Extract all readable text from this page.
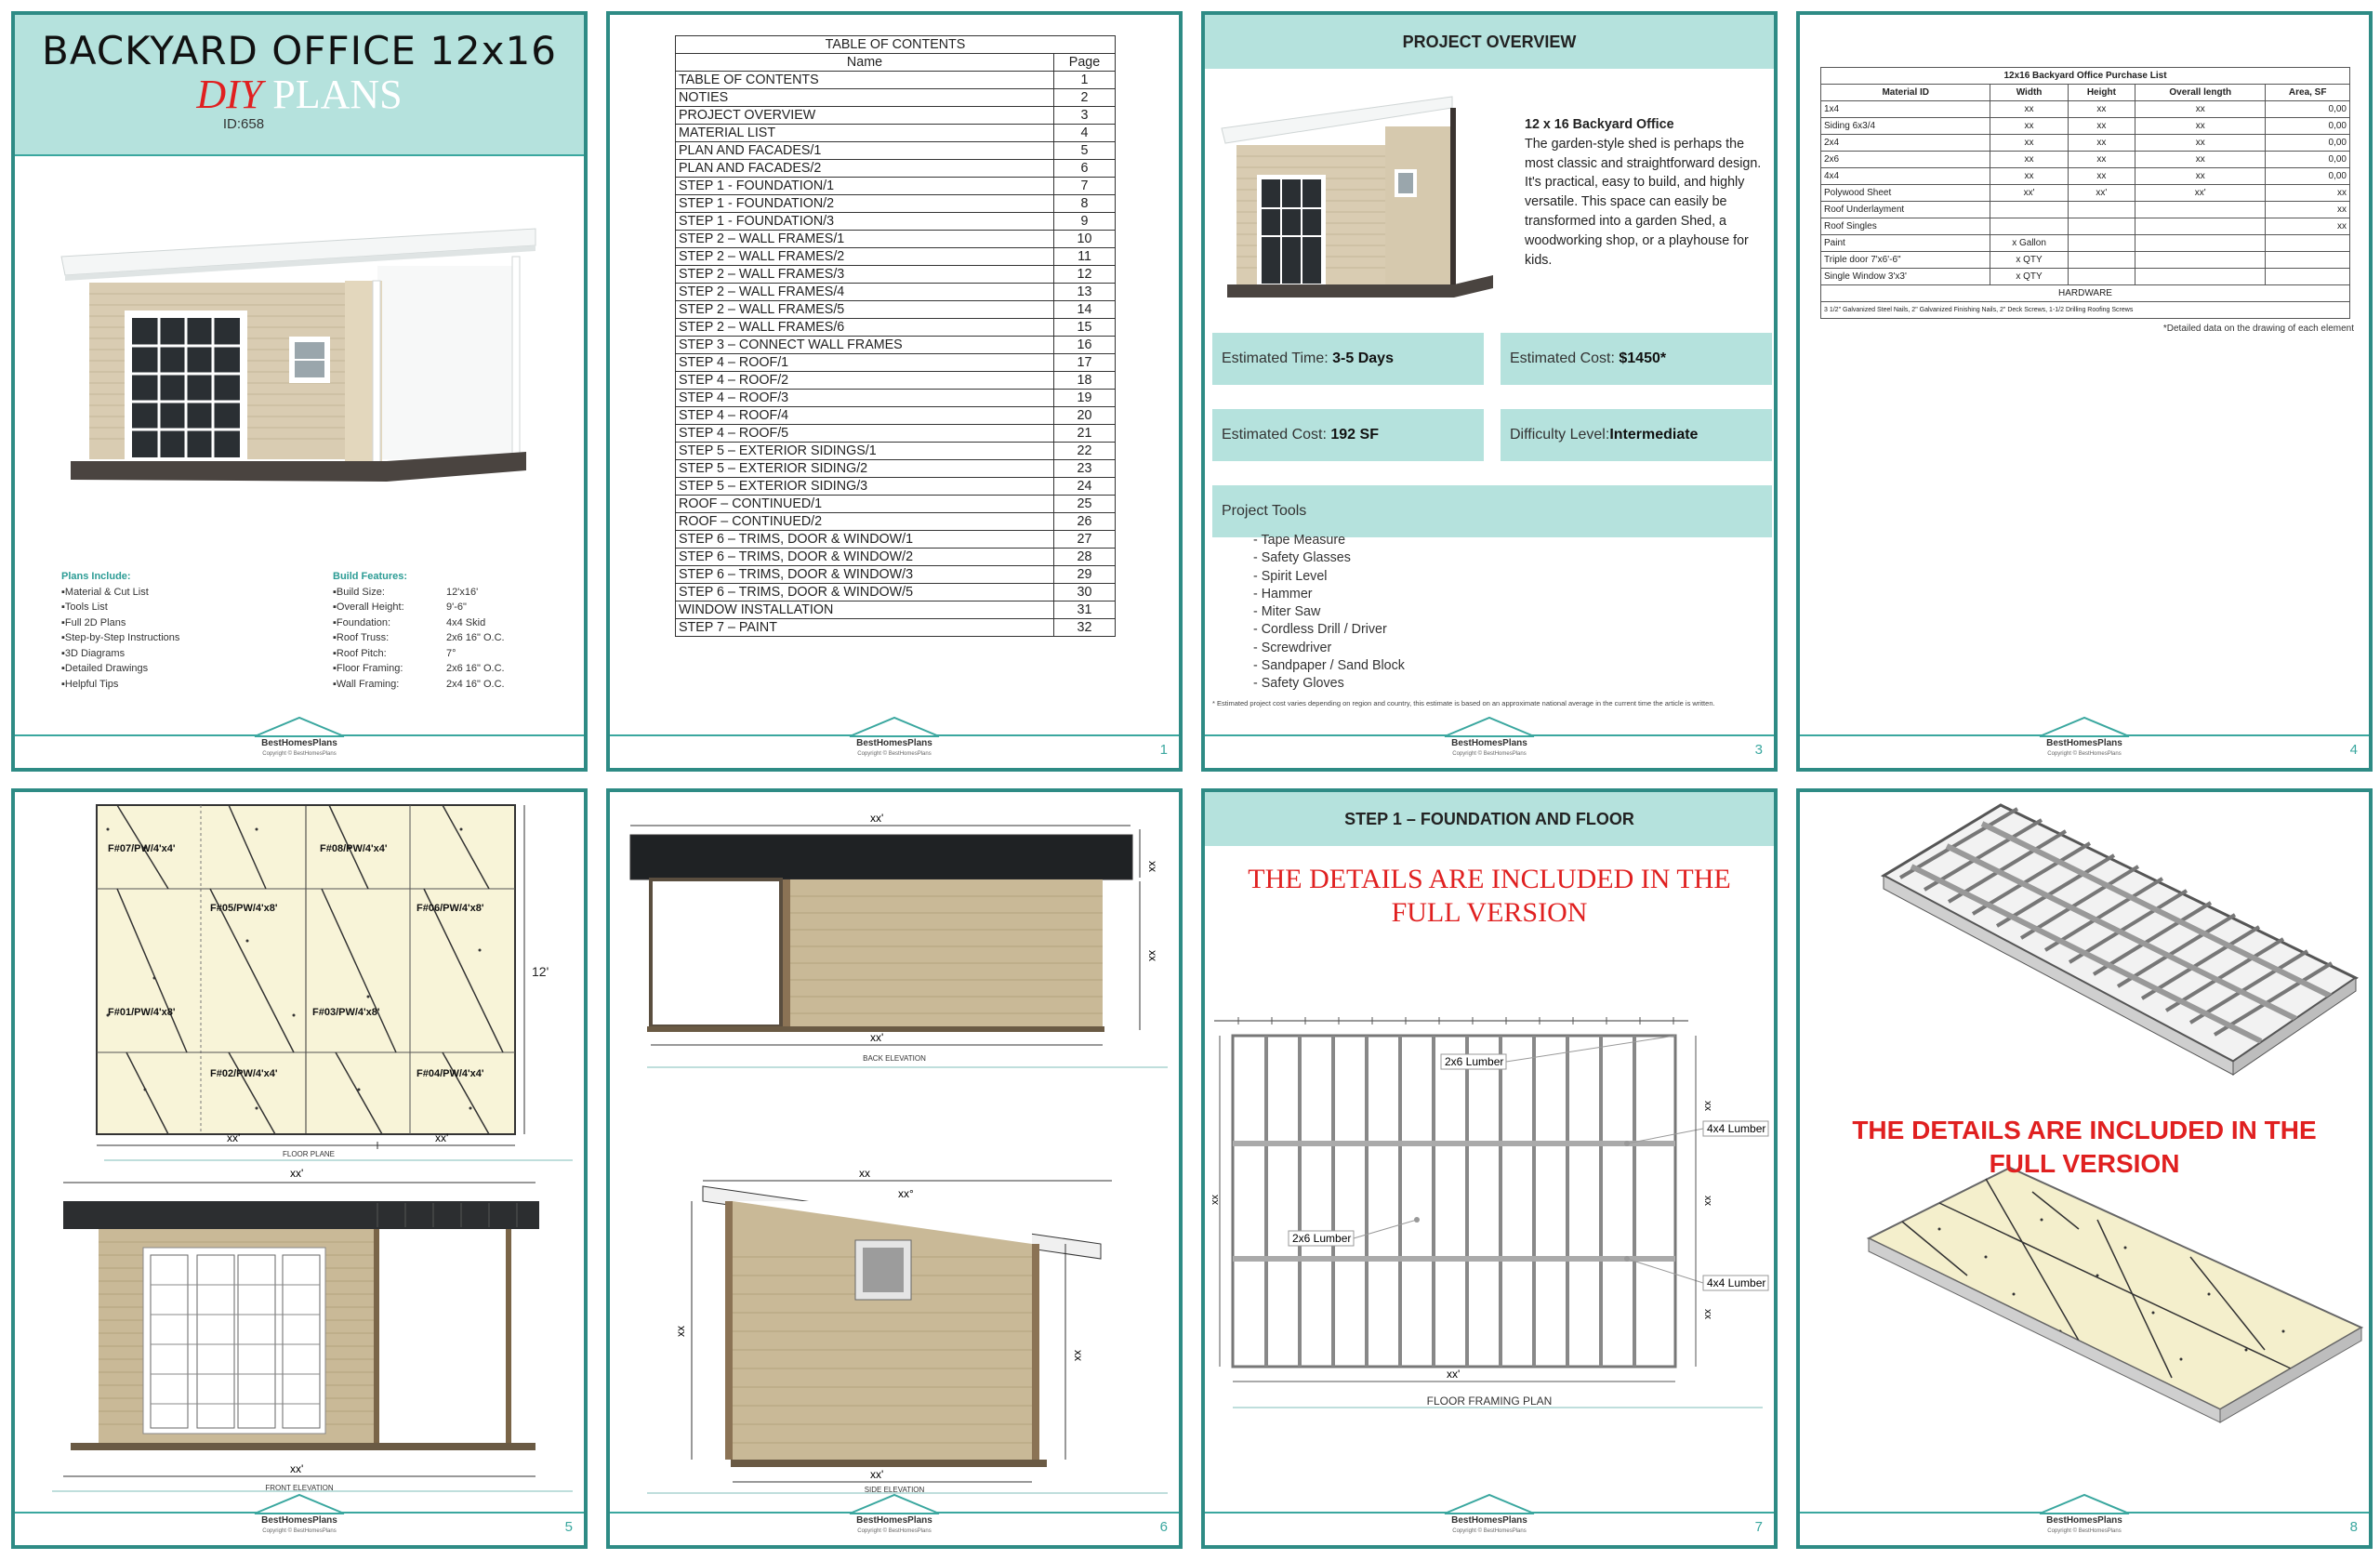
BACKYARD OFFICE 12x16
DIY PLANS
ID:658
Plans Include:
▪Material & Cut List
▪Tools List
▪Full 2D Plans
▪Step-by-Step Instructions
▪3D Diagrams
▪Detailed Drawings
▪Helpful Tips
Build Features:
▪Build Size:	12'x16'
▪Overall Height:	9'-6"
▪Foundation:	4x4 Skid
▪Roof Truss:	2x6 16" O.C.
▪Roof Pitch:	7°
▪Floor Framing:	2x6 16" O.C.
▪Wall Framing:	2x4 16" O.C.
BestHomesPlans
Copyright © BestHomesPlans
TABLE OF CONTENTS	
Name	Page
TABLE OF CONTENTS	1
NOTIES	2
PROJECT OVERVIEW	3
MATERIAL LIST	4
PLAN AND FACADES/1	5
PLAN AND FACADES/2	6
STEP 1 - FOUNDATION/1	7
STEP 1 - FOUNDATION/2	8
STEP 1 - FOUNDATION/3	9
STEP 2 – WALL FRAMES/1	10
STEP 2 – WALL FRAMES/2	11
STEP 2 – WALL FRAMES/3	12
STEP 2 – WALL FRAMES/4	13
STEP 2 – WALL FRAMES/5	14
STEP 2 – WALL FRAMES/6	15
STEP 3 – CONNECT WALL FRAMES	16
STEP 4 – ROOF/1	17
STEP 4 – ROOF/2	18
STEP 4 – ROOF/3	19
STEP 4 – ROOF/4	20
STEP 4 – ROOF/5	21
STEP 5 – EXTERIOR SIDINGS/1	22
STEP 5 – EXTERIOR SIDING/2	23
STEP 5 – EXTERIOR SIDING/3	24
ROOF – CONTINUED/1	25
ROOF – CONTINUED/2	26
STEP 6 – TRIMS, DOOR & WINDOW/1	27
STEP 6 – TRIMS, DOOR & WINDOW/2	28
STEP 6 – TRIMS, DOOR & WINDOW/3	29
STEP 6 – TRIMS, DOOR & WINDOW/5	30
WINDOW INSTALLATION	31
STEP 7 – PAINT	32
BestHomesPlans
Copyright © BestHomesPlans	1
PROJECT OVERVIEW
12 x 16 Backyard Office
The garden-style shed is perhaps the most classic and straightforward design. It's practical, easy to build, and highly versatile. This space can easily be transformed into a garden Shed, a woodworking shop, or a playhouse for kids.
Estimated Time: 3-5 Days	Estimated Cost: $1450*
Estimated Cost: 192 SF	Difficulty Level:Intermediate
Project Tools
- Tape Measure
- Safety Glasses
- Spirit Level
- Hammer
- Miter Saw
- Cordless Drill / Driver
- Screwdriver
- Sandpaper / Sand Block
- Safety Gloves
* Estimated project cost varies depending on region and country, this estimate is based on an approximate national average in the current time the article is written.
BestHomesPlans
Copyright © BestHomesPlans	3
12x16 Backyard Office Purchase List				
Material ID	Width	Height	Overall length	Area, SF
1x4	xx	xx	xx	0,00
Siding 6x3/4	xx	xx	xx	0,00
2x4	xx	xx	xx	0,00
2x6	xx	xx	xx	0,00
4x4	xx	xx	xx	0,00
Polywood Sheet	xx'	xx'	xx'	xx
Roof Underlayment				xx
Roof Singles				xx
Paint	x Gallon			
Triple door 7'x6'-6"	x QTY			
Single Window 3'x3'	x QTY			
HARDWARE				
3 1/2" Galvanized Steel Nails, 2" Galvanized Finishing Nails, 2" Deck Screws, 1-1/2 Drilling Roofing Screws				
*Detailed data on the drawing of each element
BestHomesPlans
Copyright © BestHomesPlans	4
F#07/PW/4'x4'	F#08/PW/4'x4'
F#05/PW/4'x8'	F#06/PW/4'x8'
F#01/PW/4'x8'	F#03/PW/4'x8'
F#02/PW/4'x4'	F#04/PW/4'x4'
12'
xx'	xx'
FLOOR PLANE
xx'
xx'
FRONT ELEVATION
BestHomesPlans
Copyright © BestHomesPlans	5
xx'
xx
xx
xx'
xx
xx°
xx
xx
xx'
BACK ELEVATION
SIDE ELEVATION
BestHomesPlans
Copyright © BestHomesPlans	6
STEP 1 – FOUNDATION AND FLOOR
THE DETAILS ARE INCLUDED IN THE
FULL VERSION
2x6 Lumber
2x6 Lumber
4x4 Lumber
4x4 Lumber
xx
xx
xx
xx
xx'
FLOOR FRAMING PLAN
BestHomesPlans
Copyright © BestHomesPlans	7
THE DETAILS ARE INCLUDED IN THE
FULL VERSION
BestHomesPlans
Copyright © BestHomesPlans	8
